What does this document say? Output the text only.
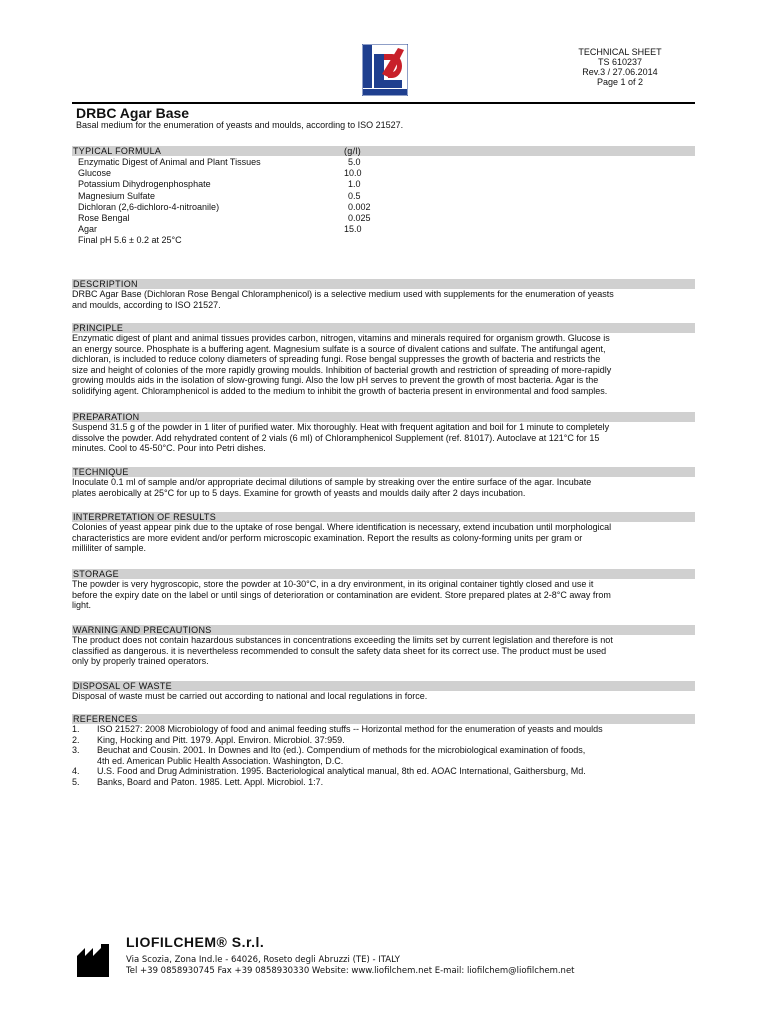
TECHNICAL SHEET
TS 610237
Rev.3 / 27.06.2014
Page 1 of 2
DRBC Agar Base
Basal medium for the enumeration of yeasts and moulds, according to ISO 21527.
TYPICAL FORMULA	(g/l)
Enzymatic Digest of Animal and Plant Tissues	5.0
Glucose	10.0
Potassium Dihydrogenphosphate	1.0
Magnesium Sulfate	0.5
Dichloran (2,6-dichloro-4-nitroanile)	0.002
Rose Bengal	0.025
Agar	15.0
Final pH 5.6 ± 0.2 at 25°C
DESCRIPTION
DRBC Agar Base (Dichloran Rose Bengal Chloramphenicol) is a selective medium used with supplements for the enumeration of yeasts
and moulds, according to ISO 21527.
PRINCIPLE
Enzymatic digest of plant and animal tissues provides carbon, nitrogen, vitamins and minerals required for organism growth. Glucose is
an energy source. Phosphate is a buffering agent. Magnesium sulfate is a source of divalent cations and sulfate. The antifungal agent,
dichloran, is included to reduce colony diameters of spreading fungi. Rose bengal suppresses the growth of bacteria and restricts the
size and height of colonies of the more rapidly growing moulds. Inhibition of bacterial growth and restriction of spreading of more-rapidly
growing moulds aids in the isolation of slow-growing fungi. Also the low pH serves to prevent the growth of most bacteria. Agar is the
solidifying agent. Chloramphenicol is added to the medium to inhibit the growth of bacteria present in environmental and food samples.
PREPARATION
Suspend 31.5 g of the powder in 1 liter of purified water. Mix thoroughly. Heat with frequent agitation and boil for 1 minute to completely
dissolve the powder. Add rehydrated content of 2 vials (6 ml) of Chloramphenicol Supplement (ref. 81017). Autoclave at 121°C for 15
minutes. Cool to 45-50°C. Pour into Petri dishes.
TECHNIQUE
Inoculate 0.1 ml of sample and/or appropriate decimal dilutions of sample by streaking over the entire surface of the agar. Incubate
plates aerobically at 25°C for up to 5 days. Examine for growth of yeasts and moulds daily after 2 days incubation.
INTERPRETATION OF RESULTS
Colonies of yeast appear pink due to the uptake of rose bengal. Where identification is necessary, extend incubation until morphological
characteristics are more evident and/or perform microscopic examination. Report the results as colony-forming units per gram or
milliliter of sample.
STORAGE
The powder is very hygroscopic, store the powder at 10-30°C, in a dry environment, in its original container tightly closed and use it
before the expiry date on the label or until sings of deterioration or contamination are evident. Store prepared plates at 2-8°C away from
light.
WARNING AND PRECAUTIONS
The product does not contain hazardous substances in concentrations exceeding the limits set by current legislation and therefore is not
classified as dangerous. it is nevertheless recommended to consult the safety data sheet for its correct use. The product must be used
only by properly trained operators.
DISPOSAL OF WASTE
Disposal of waste must be carried out according to national and local regulations in force.
REFERENCES
1. ISO 21527: 2008 Microbiology of food and animal feeding stuffs -- Horizontal method for the enumeration of yeasts and moulds
2. King, Hocking and Pitt. 1979. Appl. Environ. Microbiol. 37:959.
3. Beuchat and Cousin. 2001. In Downes and Ito (ed.). Compendium of methods for the microbiological examination of foods,
4th ed. American Public Health Association. Washington, D.C.
4. U.S. Food and Drug Administration. 1995. Bacteriological analytical manual, 8th ed. AOAC International, Gaithersburg, Md.
5. Banks, Board and Paton. 1985. Lett. Appl. Microbiol. 1:7.
LIOFILCHEM® S.r.l.
Via Scozia, Zona Ind.le - 64026, Roseto degli Abruzzi (TE) - ITALY
Tel +39 0858930745 Fax +39 0858930330 Website: www.liofilchem.net E-mail: liofilchem@liofilchem.net
